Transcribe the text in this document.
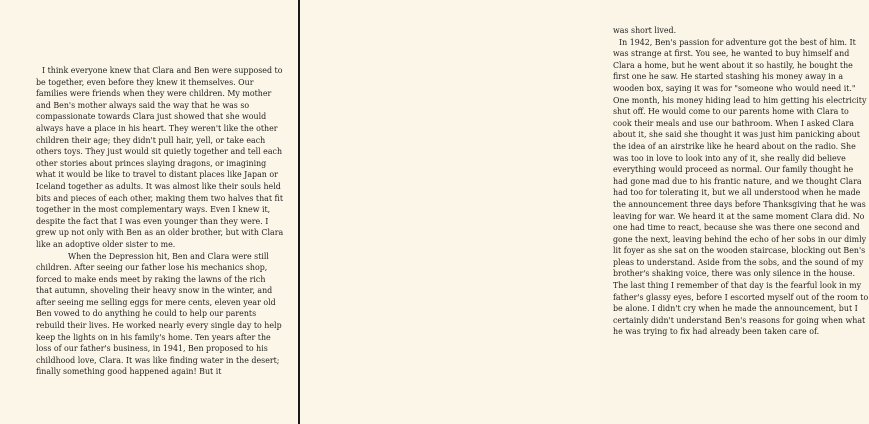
I think everyone knew that Clara and Ben were supposed to be together, even before they knew it themselves. Our families were friends when they were children. My mother and Ben's mother always said the way that he was so compassionate towards Clara just showed that she would always have a place in his heart. They weren't like the other children their age; they didn't pull hair, yell, or take each others toys. They just would sit quietly together and tell each other stories about princes slaying dragons, or imagining what it would be like to travel to distant places like Japan or Iceland together as adults. It was almost like their souls held bits and pieces of each other, making them two halves that fit together in the most complementary ways. Even I knew it, despite the fact that I was even younger than they were. I grew up not only with Ben as an older brother, but with Clara like an adoptive older sister to me.

When the Depression hit, Ben and Clara were still children. After seeing our father lose his mechanics shop, forced to make ends meet by raking the lawns of the rich that autumn, shoveling their heavy snow in the winter, and after seeing me selling eggs for mere cents, eleven year old Ben vowed to do anything he could to help our parents rebuild their lives. He worked nearly every single day to help keep the lights on in his family's home. Ten years after the loss of our father's business, in 1941, Ben proposed to his childhood love, Clara. It was like finding water in the desert; finally something good happened again! But it

was short lived.

In 1942, Ben's passion for adventure got the best of him. It was strange at first. You see, he wanted to buy himself and Clara a home, but he went about it so hastily, he bought the first one he saw. He started stashing his money away in a wooden box, saying it was for "someone who would need it." One month, his money hiding lead to him getting his electricity shut off. He would come to our parents home with Clara to cook their meals and use our bathroom. When I asked Clara about it, she said she thought it was just him panicking about the idea of an airstrike like he heard about on the radio. She was too in love to look into any of it, she really did believe everything would proceed as normal. Our family thought he had gone mad due to his frantic nature, and we thought Clara had too for tolerating it, but we all understood when he made the announcement three days before Thanksgiving that he was leaving for war. We heard it at the same moment Clara did. No one had time to react, because she was there one second and gone the next, leaving behind the echo of her sobs in our dimly lit foyer as she sat on the wooden staircase, blocking out Ben's pleas to understand. Aside from the sobs, and the sound of my brother's shaking voice, there was only silence in the house. The last thing I remember of that day is the fearful look in my father's glassy eyes, before I escorted myself out of the room to be alone. I didn't cry when he made the announcement, but I certainly didn't understand Ben's reasons for going when what he was trying to fix had already been taken care of.
